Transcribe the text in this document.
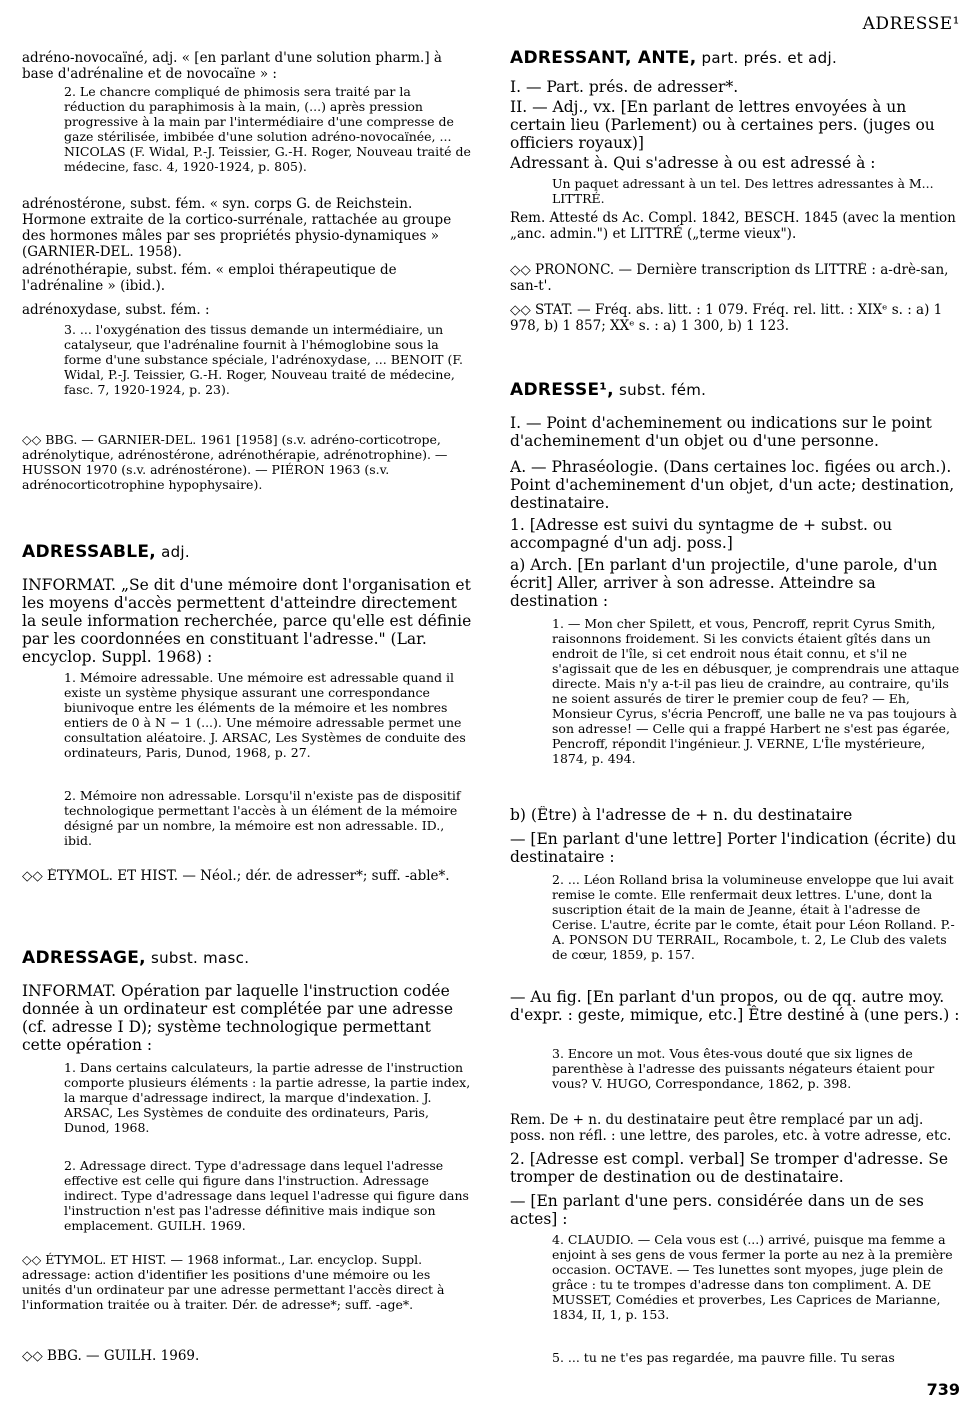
ADRESSE¹
adréno-novocaïné, adj. « [en parlant d'une solution pharm.] à base d'adrénaline et de novocaïne » :
2. Le chancre compliqué de phimosis sera traité par la réduction du paraphimosis à la main, (...) après pression progressive à la main par l'intermédiaire d'une compresse de gaze stérilisée, imbibée d'une solution adréno-novocaïnée, ... NICOLAS (F. Widal, P.-J. Teissier, G.-H. Roger, Nouveau traité de médecine, fasc. 4, 1920-1924, p. 805).
adrénostérone, subst. fém. « syn. corps G. de Reichstein. Hormone extraite de la cortico-surrénale, rattachée au groupe des hormones mâles par ses propriétés physio-dynamiques » (GARNIER-DEL. 1958).
adrénothérapie, subst. fém. « emploi thérapeutique de l'adrénaline » (ibid.).
adrénoxydase, subst. fém. :
3. ... l'oxygénation des tissus demande un intermédiaire, un catalyseur, que l'adrénaline fournit à l'hémoglobine sous la forme d'une substance spéciale, l'adrénoxydase, ... BENOIT (F. Widal, P.-J. Teissier, G.-H. Roger, Nouveau traité de médecine, fasc. 7, 1920-1924, p. 23).
◇◇ BBG. — GARNIER-DEL. 1961 [1958] (s.v. adréno-corticotrope, adrénolytique, adrénostérone, adrénothérapie, adrénotrophine). — HUSSON 1970 (s.v. adrénostérone). — PIÉRON 1963 (s.v. adrénocorticotrophine hypophysaire).
ADRESSABLE, adj.
INFORMAT. „Se dit d'une mémoire dont l'organisation et les moyens d'accès permettent d'atteindre directement la seule information recherchée, parce qu'elle est définie par les coordonnées en constituant l'adresse." (Lar. encyclop. Suppl. 1968) :
1. Mémoire adressable. Une mémoire est adressable quand il existe un système physique assurant une correspondance biunivoque entre les éléments de la mémoire et les nombres entiers de 0 à N − 1 (...). Une mémoire adressable permet une consultation aléatoire. J. ARSAC, Les Systèmes de conduite des ordinateurs, Paris, Dunod, 1968, p. 27.
2. Mémoire non adressable. Lorsqu'il n'existe pas de dispositif technologique permettant l'accès à un élément de la mémoire désigné par un nombre, la mémoire est non adressable. ID., ibid.
◇◇ ÉTYMOL. ET HIST. — Néol.; dér. de adresser*; suff. -able*.
ADRESSAGE, subst. masc.
INFORMAT. Opération par laquelle l'instruction codée donnée à un ordinateur est complétée par une adresse (cf. adresse I D); système technologique permettant cette opération :
1. Dans certains calculateurs, la partie adresse de l'instruction comporte plusieurs éléments : la partie adresse, la partie index, la marque d'adressage indirect, la marque d'indexation. J. ARSAC, Les Systèmes de conduite des ordinateurs, Paris, Dunod, 1968.
2. Adressage direct. Type d'adressage dans lequel l'adresse effective est celle qui figure dans l'instruction. Adressage indirect. Type d'adressage dans lequel l'adresse qui figure dans l'instruction n'est pas l'adresse définitive mais indique son emplacement. GUILH. 1969.
◇◇ ÉTYMOL. ET HIST. — 1968 informat., Lar. encyclop. Suppl. adressage: action d'identifier les positions d'une mémoire ou les unités d'un ordinateur par une adresse permettant l'accès direct à l'information traitée ou à traiter. Dér. de adresse*; suff. -age*.
◇◇ BBG. — GUILH. 1969.
ADRESSANT, ANTE, part. prés. et adj.
I. — Part. prés. de adresser*.
II. — Adj., vx. [En parlant de lettres envoyées à un certain lieu (Parlement) ou à certaines pers. (juges ou officiers royaux)]
Adressant à. Qui s'adresse à ou est adressé à :
Un paquet adressant à un tel. Des lettres adressantes à M... LITTRÉ.
Rem. Attesté ds Ac. Compl. 1842, BESCH. 1845 (avec la mention „anc. admin.") et LITTRÉ („terme vieux").
◇◇ PRONONC. — Dernière transcription ds LITTRÉ : a-drè-san, san-t'.
◇◇ STAT. — Fréq. abs. litt. : 1 079. Fréq. rel. litt. : XIXᵉ s. : a) 1 978, b) 1 857; XXᵉ s. : a) 1 300, b) 1 123.
ADRESSE¹, subst. fém.
I. — Point d'acheminement ou indications sur le point d'acheminement d'un objet ou d'une personne.
A. — Phraséologie. (Dans certaines loc. figées ou arch.). Point d'acheminement d'un objet, d'un acte; destination, destinataire.
1. [Adresse est suivi du syntagme de + subst. ou accompagné d'un adj. poss.]
a) Arch. [En parlant d'un projectile, d'une parole, d'un écrit] Aller, arriver à son adresse. Atteindre sa destination :
1. — Mon cher Spilett, et vous, Pencroff, reprit Cyrus Smith, raisonnons froidement. Si les convicts étaient gîtés dans un endroit de l'île, si cet endroit nous était connu, et s'il ne s'agissait que de les en débusquer, je comprendrais une attaque directe. Mais n'y a-t-il pas lieu de craindre, au contraire, qu'ils ne soient assurés de tirer le premier coup de feu? — Eh, Monsieur Cyrus, s'écria Pencroff, une balle ne va pas toujours à son adresse! — Celle qui a frappé Harbert ne s'est pas égarée, Pencroff, répondit l'ingénieur. J. VERNE, L'Île mystérieure, 1874, p. 494.
b) (Être) à l'adresse de + n. du destinataire
— [En parlant d'une lettre] Porter l'indication (écrite) du destinataire :
2. ... Léon Rolland brisa la volumineuse enveloppe que lui avait remise le comte. Elle renfermait deux lettres. L'une, dont la suscription était de la main de Jeanne, était à l'adresse de Cerise. L'autre, écrite par le comte, était pour Léon Rolland. P.-A. PONSON DU TERRAIL, Rocambole, t. 2, Le Club des valets de cœur, 1859, p. 157.
— Au fig. [En parlant d'un propos, ou de qq. autre moy. d'expr. : geste, mimique, etc.] Être destiné à (une pers.) :
3. Encore un mot. Vous êtes-vous douté que six lignes de parenthèse à l'adresse des puissants négateurs étaient pour vous? V. HUGO, Correspondance, 1862, p. 398.
Rem. De + n. du destinataire peut être remplacé par un adj. poss. non réfl. : une lettre, des paroles, etc. à votre adresse, etc.
2. [Adresse est compl. verbal] Se tromper d'adresse. Se tromper de destination ou de destinataire.
— [En parlant d'une pers. considérée dans un de ses actes] :
4. CLAUDIO. — Cela vous est (...) arrivé, puisque ma femme a enjoint à ses gens de vous fermer la porte au nez à la première occasion. OCTAVE. — Tes lunettes sont myopes, juge plein de grâce : tu te trompes d'adresse dans ton compliment. A. DE MUSSET, Comédies et proverbes, Les Caprices de Marianne, 1834, II, 1, p. 153.
5. ... tu ne t'es pas regardée, ma pauvre fille. Tu seras
739
